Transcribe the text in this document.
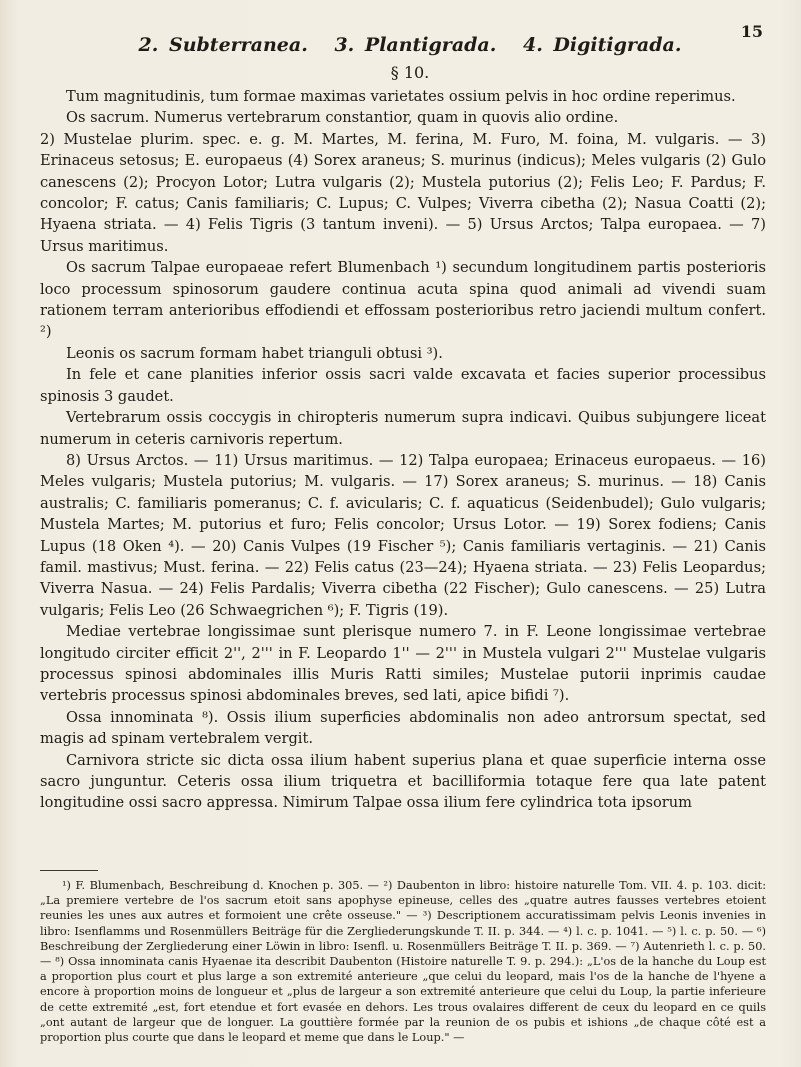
15
2. Subterranea. 3. Plantigrada. 4. Digitigrada.
§ 10.

Tum magnitudinis, tum formae maximas varietates ossium pelvis in hoc ordine reperimus.

Os sacrum. Numerus vertebrarum constantior, quam in quovis alio ordine.

2) Mustelae plurim. spec. e. g. M. Martes, M. ferina, M. Furo, M. foina, M. vulgaris. — 3) Erinaceus setosus; E. europaeus (4) Sorex araneus; S. murinus (indicus); Meles vulgaris (2) Gulo canescens (2); Procyon Lotor; Lutra vulgaris (2); Mustela putorius (2); Felis Leo; F. Pardus; F. concolor; F. catus; Canis familiaris; C. Lupus; C. Vulpes; Viverra cibetha (2); Nasua Coatti (2); Hyaena striata. — 4) Felis Tigris (3 tantum inveni). — 5) Ursus Arctos; Talpa europaea. — 7) Ursus maritimus.

Os sacrum Talpae europaeae refert Blumenbach ¹) secundum longitudinem partis posterioris loco processum spinosorum gaudere continua acuta spina quod animali ad vivendi suam rationem terram anterioribus effodiendi et effossam posterioribus retro jaciendi multum confert. ²)

Leonis os sacrum formam habet trianguli obtusi ³).

In fele et cane planities inferior ossis sacri valde excavata et facies superior processibus spinosis 3 gaudet.

Vertebrarum ossis coccygis in chiropteris numerum supra indicavi. Quibus subjungere liceat numerum in ceteris carnivoris repertum.

8) Ursus Arctos. — 11) Ursus maritimus. — 12) Talpa europaea; Erinaceus europaeus. — 16) Meles vulgaris; Mustela putorius; M. vulgaris. — 17) Sorex araneus; S. murinus. — 18) Canis australis; C. familiaris pomeranus; C. f. avicularis; C. f. aquaticus (Seidenbudel); Gulo vulgaris; Mustela Martes; M. putorius et furo; Felis concolor; Ursus Lotor. — 19) Sorex fodiens; Canis Lupus (18 Oken ⁴). — 20) Canis Vulpes (19 Fischer ⁵); Canis familiaris vertaginis. — 21) Canis famil. mastivus; Must. ferina. — 22) Felis catus (23—24); Hyaena striata. — 23) Felis Leopardus; Viverra Nasua. — 24) Felis Pardalis; Viverra cibetha (22 Fischer); Gulo canescens. — 25) Lutra vulgaris; Felis Leo (26 Schwaegrichen ⁶); F. Tigris (19).

Mediae vertebrae longissimae sunt plerisque numero 7. in F. Leone longissimae vertebrae longitudo circiter efficit 2'', 2''' in F. Leopardo 1'' — 2''' in Mustela vulgari 2''' Mustelae vulgaris processus spinosi abdominales illis Muris Ratti similes; Mustelae putorii inprimis caudae vertebris processus spinosi abdominales breves, sed lati, apice bifidi ⁷).

Ossa innominata ⁸). Ossis ilium superficies abdominalis non adeo antrorsum spectat, sed magis ad spinam vertebralem vergit.

Carnivora stricte sic dicta ossa ilium habent superius plana et quae superficie interna osse sacro junguntur. Ceteris ossa ilium triquetra et bacilliformia totaque fere qua late patent longitudine ossi sacro appressa. Nimirum Talpae ossa ilium fere cylindrica tota ipsorum

¹) F. Blumenbach, Beschreibung d. Knochen p. 305. — ²) Daubenton in libro: histoire naturelle Tom. VII. 4. p. 103. dicit: „La premiere vertebre de l'os sacrum etoit sans apophyse epineuse, celles des „quatre autres fausses vertebres etoient reunies les unes aux autres et formoient une crête osseuse." — ³) Descriptionem accuratissimam pelvis Leonis invenies in libro: Isenflamms und Rosenmüllers Beiträge für die Zergliederungskunde T. II. p. 344. — ⁴) l. c. p. 1041. — ⁵) l. c. p. 50. — ⁶) Beschreibung der Zergliederung einer Löwin in libro: Isenfl. u. Rosenmüllers Beiträge T. II. p. 369. — ⁷) Autenrieth l. c. p. 50. — ⁸) Ossa innominata canis Hyaenae ita describit Daubenton (Histoire naturelle T. 9. p. 294.): „L'os de la hanche du Loup est a proportion plus court et plus large a son extremité anterieure „que celui du leopard, mais l'os de la hanche de l'hyene a encore à proportion moins de longueur et „plus de largeur a son extremité anterieure que celui du Loup, la partie inferieure de cette extremité „est, fort etendue et fort evasée en dehors. Les trous ovalaires different de ceux du leopard en ce quils „ont autant de largeur que de longuer. La gouttière formée par la reunion de os pubis et ishions „de chaque côté est a proportion plus courte que dans le leopard et meme que dans le Loup." —
